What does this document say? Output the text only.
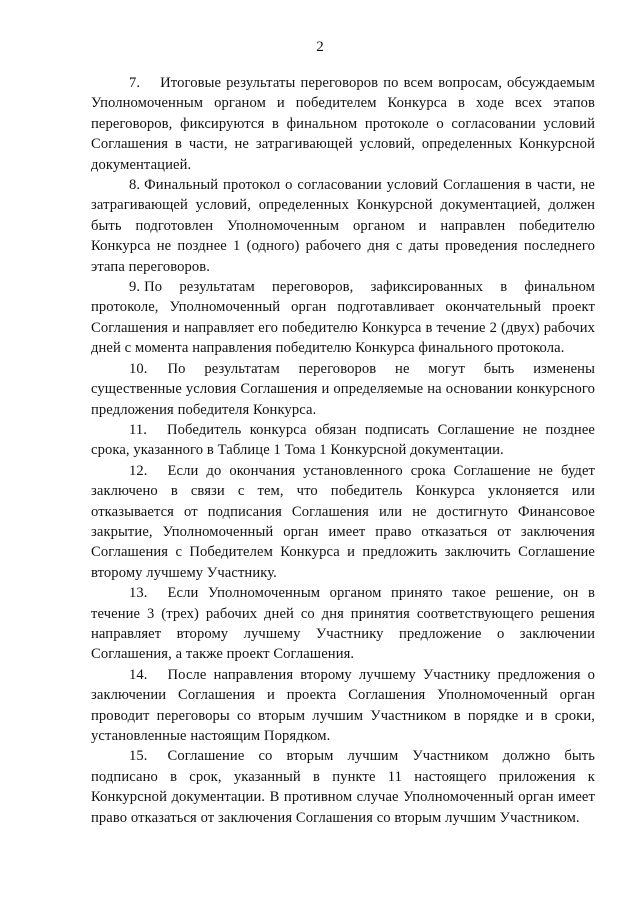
2

7. Итоговые результаты переговоров по всем вопросам, обсуждаемым Уполномоченным органом и победителем Конкурса в ходе всех этапов переговоров, фиксируются в финальном протоколе о согласовании условий Соглашения в части, не затрагивающей условий, определенных Конкурсной документацией.

8. Финальный протокол о согласовании условий Соглашения в части, не затрагивающей условий, определенных Конкурсной документацией, должен быть подготовлен Уполномоченным органом и направлен победителю Конкурса не позднее 1 (одного) рабочего дня с даты проведения последнего этапа переговоров.

9. По результатам переговоров, зафиксированных в финальном протоколе, Уполномоченный орган подготавливает окончательный проект Соглашения и направляет его победителю Конкурса в течение 2 (двух) рабочих дней с момента направления победителю Конкурса финального протокола.

10. По результатам переговоров не могут быть изменены существенные условия Соглашения и определяемые на основании конкурсного предложения победителя Конкурса.

11. Победитель конкурса обязан подписать Соглашение не позднее срока, указанного в Таблице 1 Тома 1 Конкурсной документации.

12. Если до окончания установленного срока Соглашение не будет заключено в связи с тем, что победитель Конкурса уклоняется или отказывается от подписания Соглашения или не достигнуто Финансовое закрытие, Уполномоченный орган имеет право отказаться от заключения Соглашения с Победителем Конкурса и предложить заключить Соглашение второму лучшему Участнику.

13. Если Уполномоченным органом принято такое решение, он в течение 3 (трех) рабочих дней со дня принятия соответствующего решения направляет второму лучшему Участнику предложение о заключении Соглашения, а также проект Соглашения.

14. После направления второму лучшему Участнику предложения о заключении Соглашения и проекта Соглашения Уполномоченный орган проводит переговоры со вторым лучшим Участником в порядке и в сроки, установленные настоящим Порядком.

15. Соглашение со вторым лучшим Участником должно быть подписано в срок, указанный в пункте 11 настоящего приложения к Конкурсной документации. В противном случае Уполномоченный орган имеет право отказаться от заключения Соглашения со вторым лучшим Участником.
